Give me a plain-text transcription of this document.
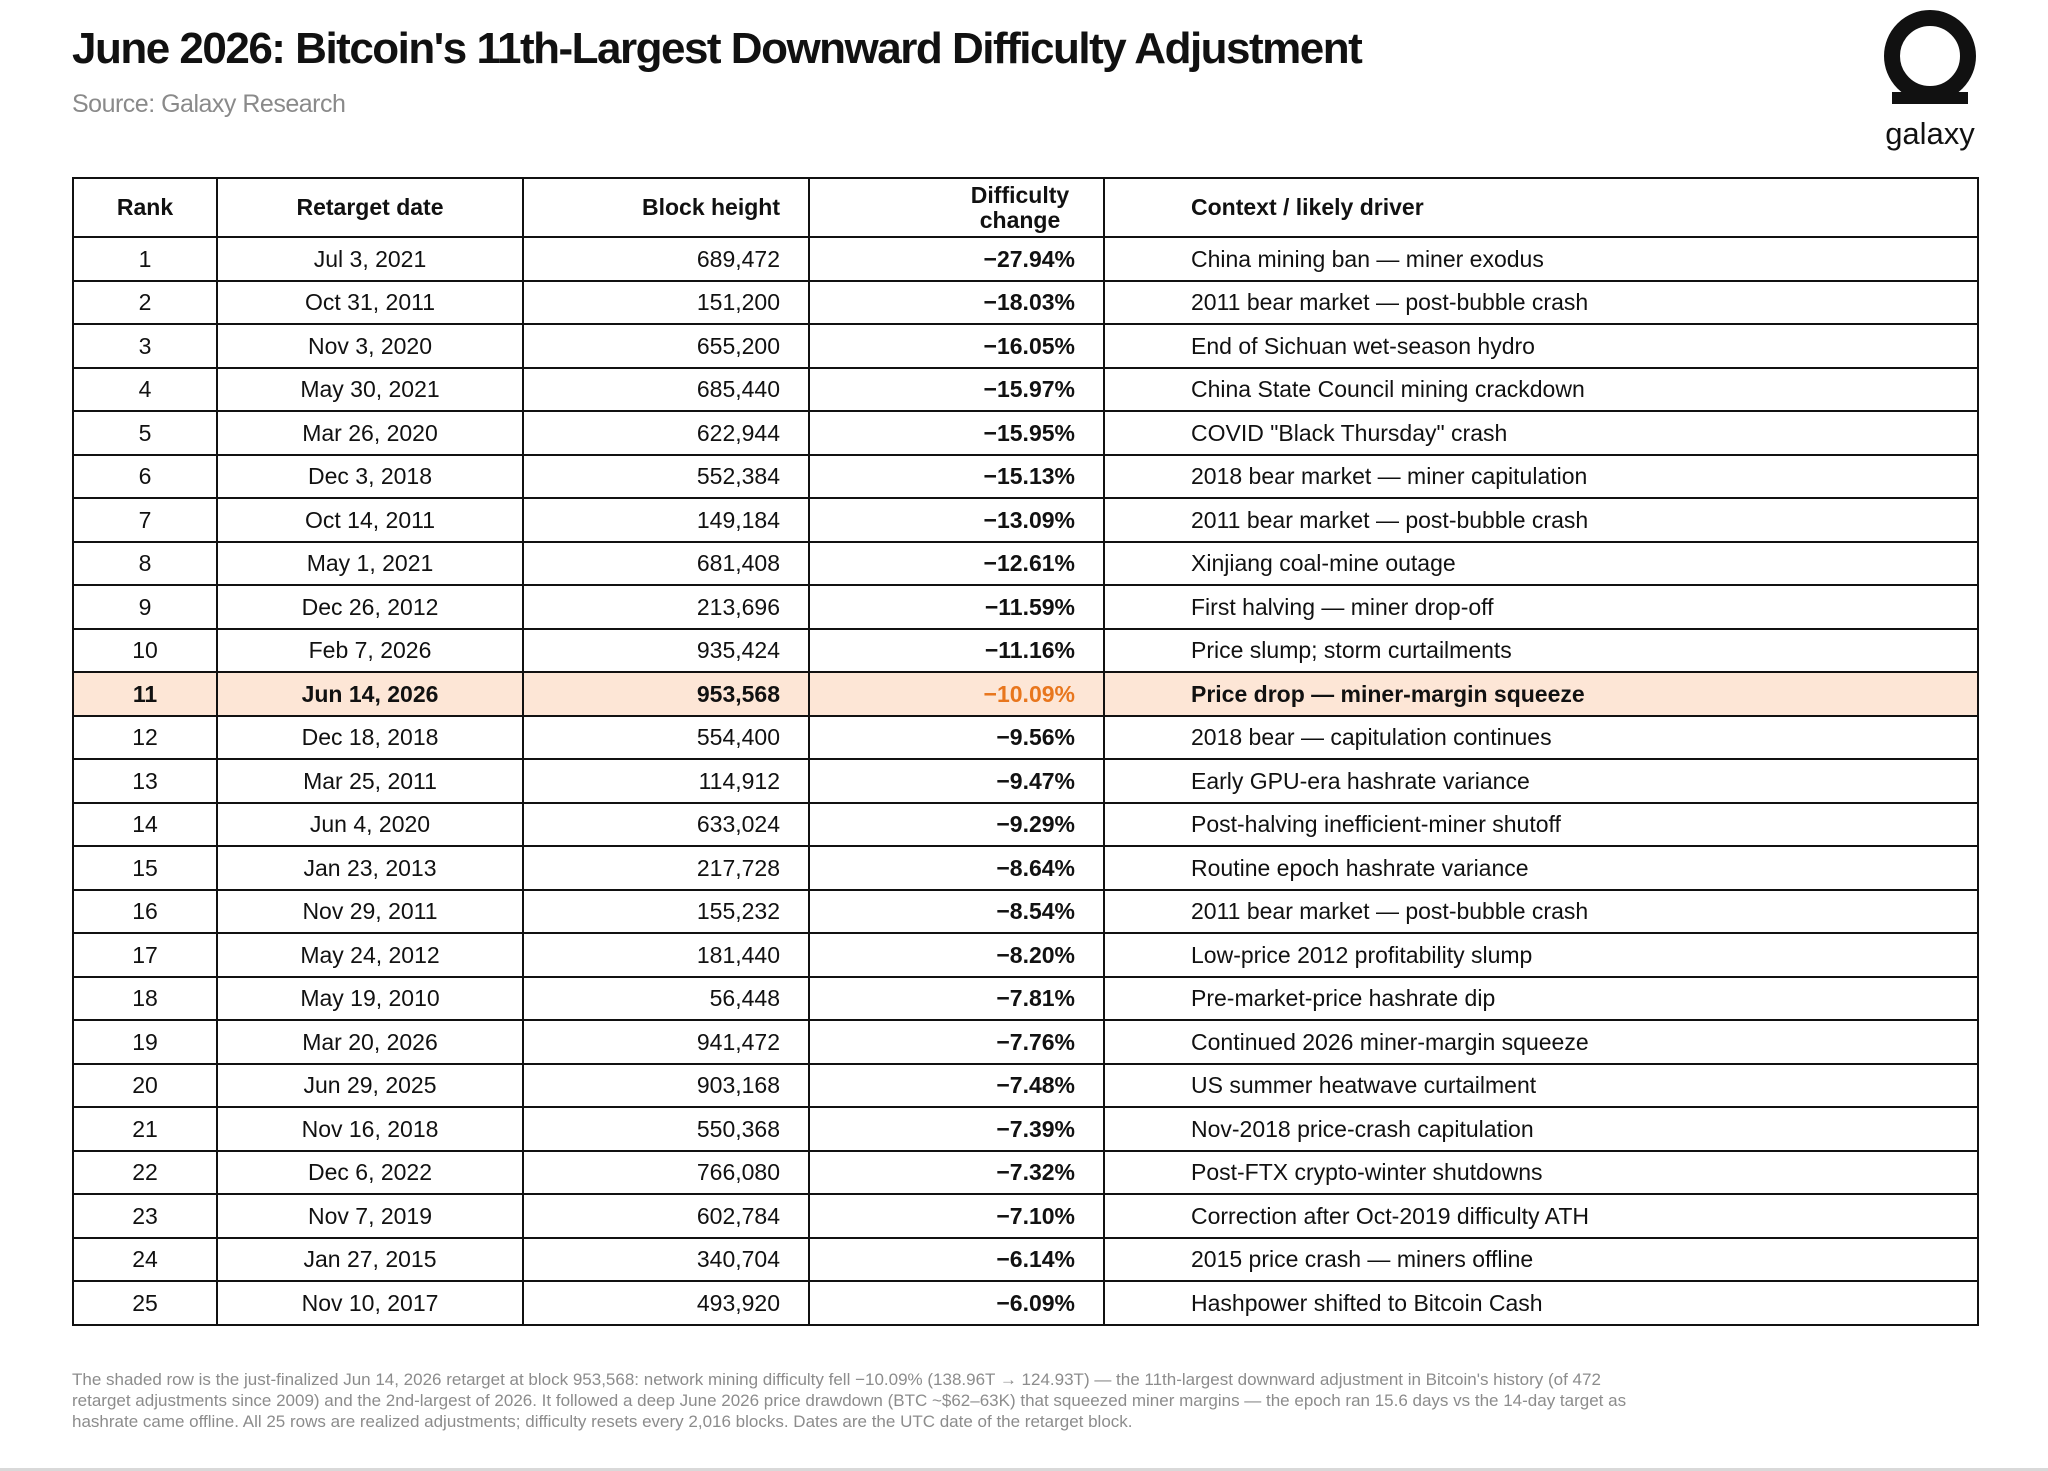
June 2026: Bitcoin's 11th-Largest Downward Difficulty Adjustment
Source: Galaxy Research
galaxy
Rank	Retarget date	Block height	Difficulty change	Context / likely driver
1	Jul 3, 2021	689,472	−27.94%	China mining ban — miner exodus
2	Oct 31, 2011	151,200	−18.03%	2011 bear market — post-bubble crash
3	Nov 3, 2020	655,200	−16.05%	End of Sichuan wet-season hydro
4	May 30, 2021	685,440	−15.97%	China State Council mining crackdown
5	Mar 26, 2020	622,944	−15.95%	COVID "Black Thursday" crash
6	Dec 3, 2018	552,384	−15.13%	2018 bear market — miner capitulation
7	Oct 14, 2011	149,184	−13.09%	2011 bear market — post-bubble crash
8	May 1, 2021	681,408	−12.61%	Xinjiang coal-mine outage
9	Dec 26, 2012	213,696	−11.59%	First halving — miner drop-off
10	Feb 7, 2026	935,424	−11.16%	Price slump; storm curtailments
11	Jun 14, 2026	953,568	−10.09%	Price drop — miner-margin squeeze
12	Dec 18, 2018	554,400	−9.56%	2018 bear — capitulation continues
13	Mar 25, 2011	114,912	−9.47%	Early GPU-era hashrate variance
14	Jun 4, 2020	633,024	−9.29%	Post-halving inefficient-miner shutoff
15	Jan 23, 2013	217,728	−8.64%	Routine epoch hashrate variance
16	Nov 29, 2011	155,232	−8.54%	2011 bear market — post-bubble crash
17	May 24, 2012	181,440	−8.20%	Low-price 2012 profitability slump
18	May 19, 2010	56,448	−7.81%	Pre-market-price hashrate dip
19	Mar 20, 2026	941,472	−7.76%	Continued 2026 miner-margin squeeze
20	Jun 29, 2025	903,168	−7.48%	US summer heatwave curtailment
21	Nov 16, 2018	550,368	−7.39%	Nov-2018 price-crash capitulation
22	Dec 6, 2022	766,080	−7.32%	Post-FTX crypto-winter shutdowns
23	Nov 7, 2019	602,784	−7.10%	Correction after Oct-2019 difficulty ATH
24	Jan 27, 2015	340,704	−6.14%	2015 price crash — miners offline
25	Nov 10, 2017	493,920	−6.09%	Hashpower shifted to Bitcoin Cash
The shaded row is the just-finalized Jun 14, 2026 retarget at block 953,568: network mining difficulty fell −10.09% (138.96T → 124.93T) — the 11th-largest downward adjustment in Bitcoin's history (of 472 retarget adjustments since 2009) and the 2nd-largest of 2026. It followed a deep June 2026 price drawdown (BTC ~$62–63K) that squeezed miner margins — the epoch ran 15.6 days vs the 14-day target as hashrate came offline. All 25 rows are realized adjustments; difficulty resets every 2,016 blocks. Dates are the UTC date of the retarget block.
